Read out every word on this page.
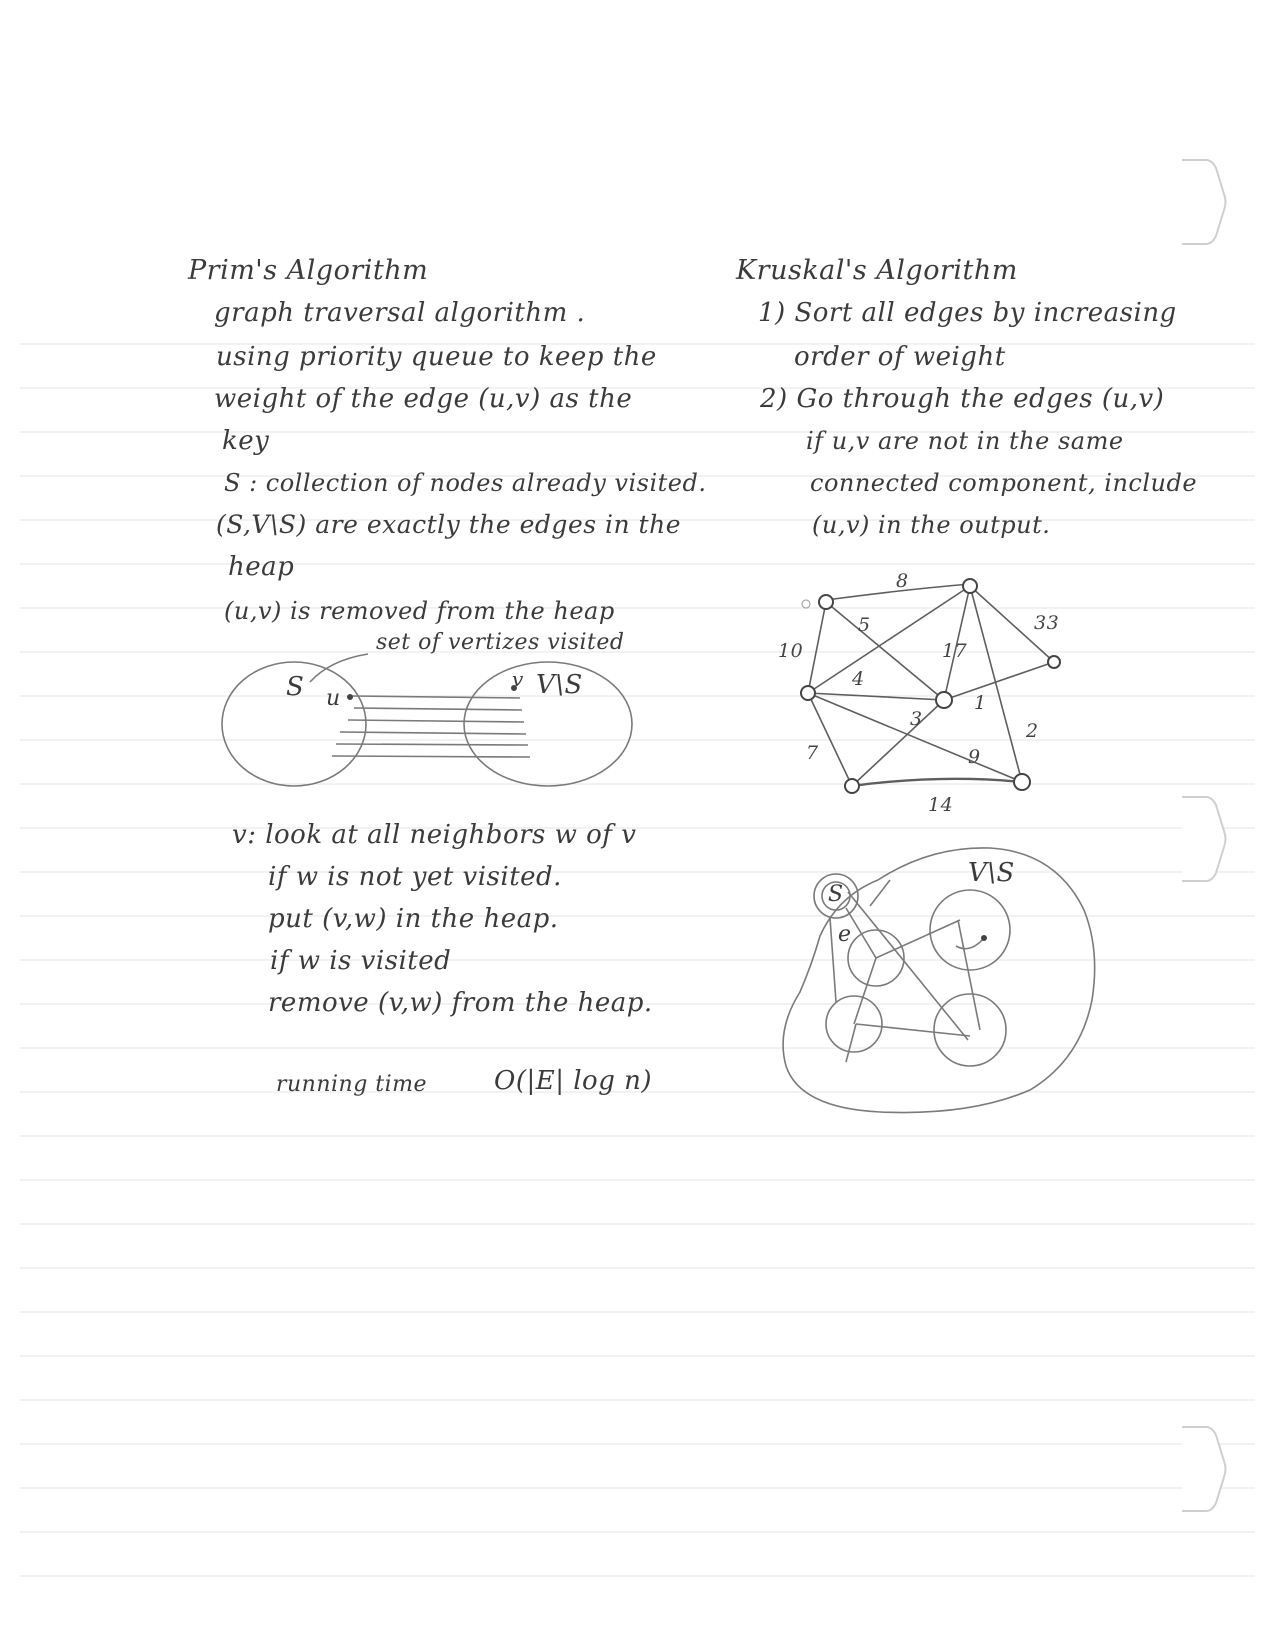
Prim's Algorithm
graph traversal algorithm .
using priority queue to keep the
weight of the edge (u,v) as the
key
S : collection of nodes already visited.
(S,V\S) are exactly the edges in the
heap
(u,v) is removed from the heap
set of vertizes visited
S u
v V\S
v: look at all neighbors w of v
if w is not yet visited.
put (v,w) in the heap.
if w is visited
remove (v,w) from the heap.
running time	O(|E| log n)
Kruskal's Algorithm
1) Sort all edges by increasing
order of weight
2) Go through the edges (u,v)
if u,v are not in the same
connected component, include
(u,v) in the output.
8
33
5
10	17
4
1
3
2
7	9
14
V\S
S
e
